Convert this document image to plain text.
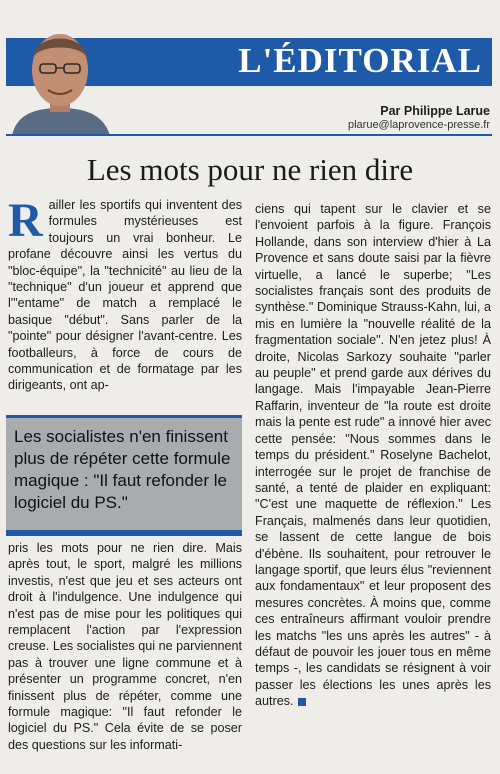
L'ÉDITORIAL
Par Philippe Larue
plarue@laprovence-presse.fr
Les mots pour ne rien dire
R ailler les sportifs qui inventent des formules mystérieuses est toujours un vrai bonheur. Le profane découvre ainsi les vertus du "bloc-équipe", la "technicité" au lieu de la "technique" d'un joueur et apprend que l'"entame" de match a remplacé le basique "début". Sans parler de la "pointe" pour désigner l'avant-centre. Les footballeurs, à force de cours de communication et de formatage par les dirigeants, ont ap-
Les socialistes n'en finissent plus de répéter cette formule magique : "Il faut refonder le logiciel du PS."
pris les mots pour ne rien dire. Mais après tout, le sport, malgré les millions investis, n'est que jeu et ses acteurs ont droit à l'indulgence. Une indulgence qui n'est pas de mise pour les politiques qui remplacent l'action par l'expression creuse. Les socialistes qui ne parviennent pas à trouver une ligne commune et à présenter un programme concret, n'en finissent plus de répéter, comme une formule magique: "Il faut refonder le logiciel du PS." Cela évite de se poser des questions sur les informati-
ciens qui tapent sur le clavier et se l'envoient parfois à la figure. François Hollande, dans son interview d'hier à La Provence et sans doute saisi par la fièvre virtuelle, a lancé le superbe; "Les socialistes français sont des produits de synthèse." Dominique Strauss-Kahn, lui, a mis en lumière la "nouvelle réalité de la fragmentation sociale". N'en jetez plus! À droite, Nicolas Sarkozy souhaite "parler au peuple" et prend garde aux dérives du langage. Mais l'impayable Jean-Pierre Raffarin, inventeur de "la route est droite mais la pente est rude" a innové hier avec cette pensée: "Nous sommes dans le temps du président." Roselyne Bachelot, interrogée sur le projet de franchise de santé, a tenté de plaider en expliquant: "C'est une maquette de réflexion." Les Français, malmenés dans leur quotidien, se lassent de cette langue de bois d'ébène. Ils souhaitent, pour retrouver le langage sportif, que leurs élus "reviennent aux fondamentaux" et leur proposent des mesures concrètes. À moins que, comme ces entraîneurs affirmant vouloir prendre les matchs "les uns après les autres" - à défaut de pouvoir les jouer tous en même temps -, les candidats se résignent à voir passer les élections les unes après les autres.
